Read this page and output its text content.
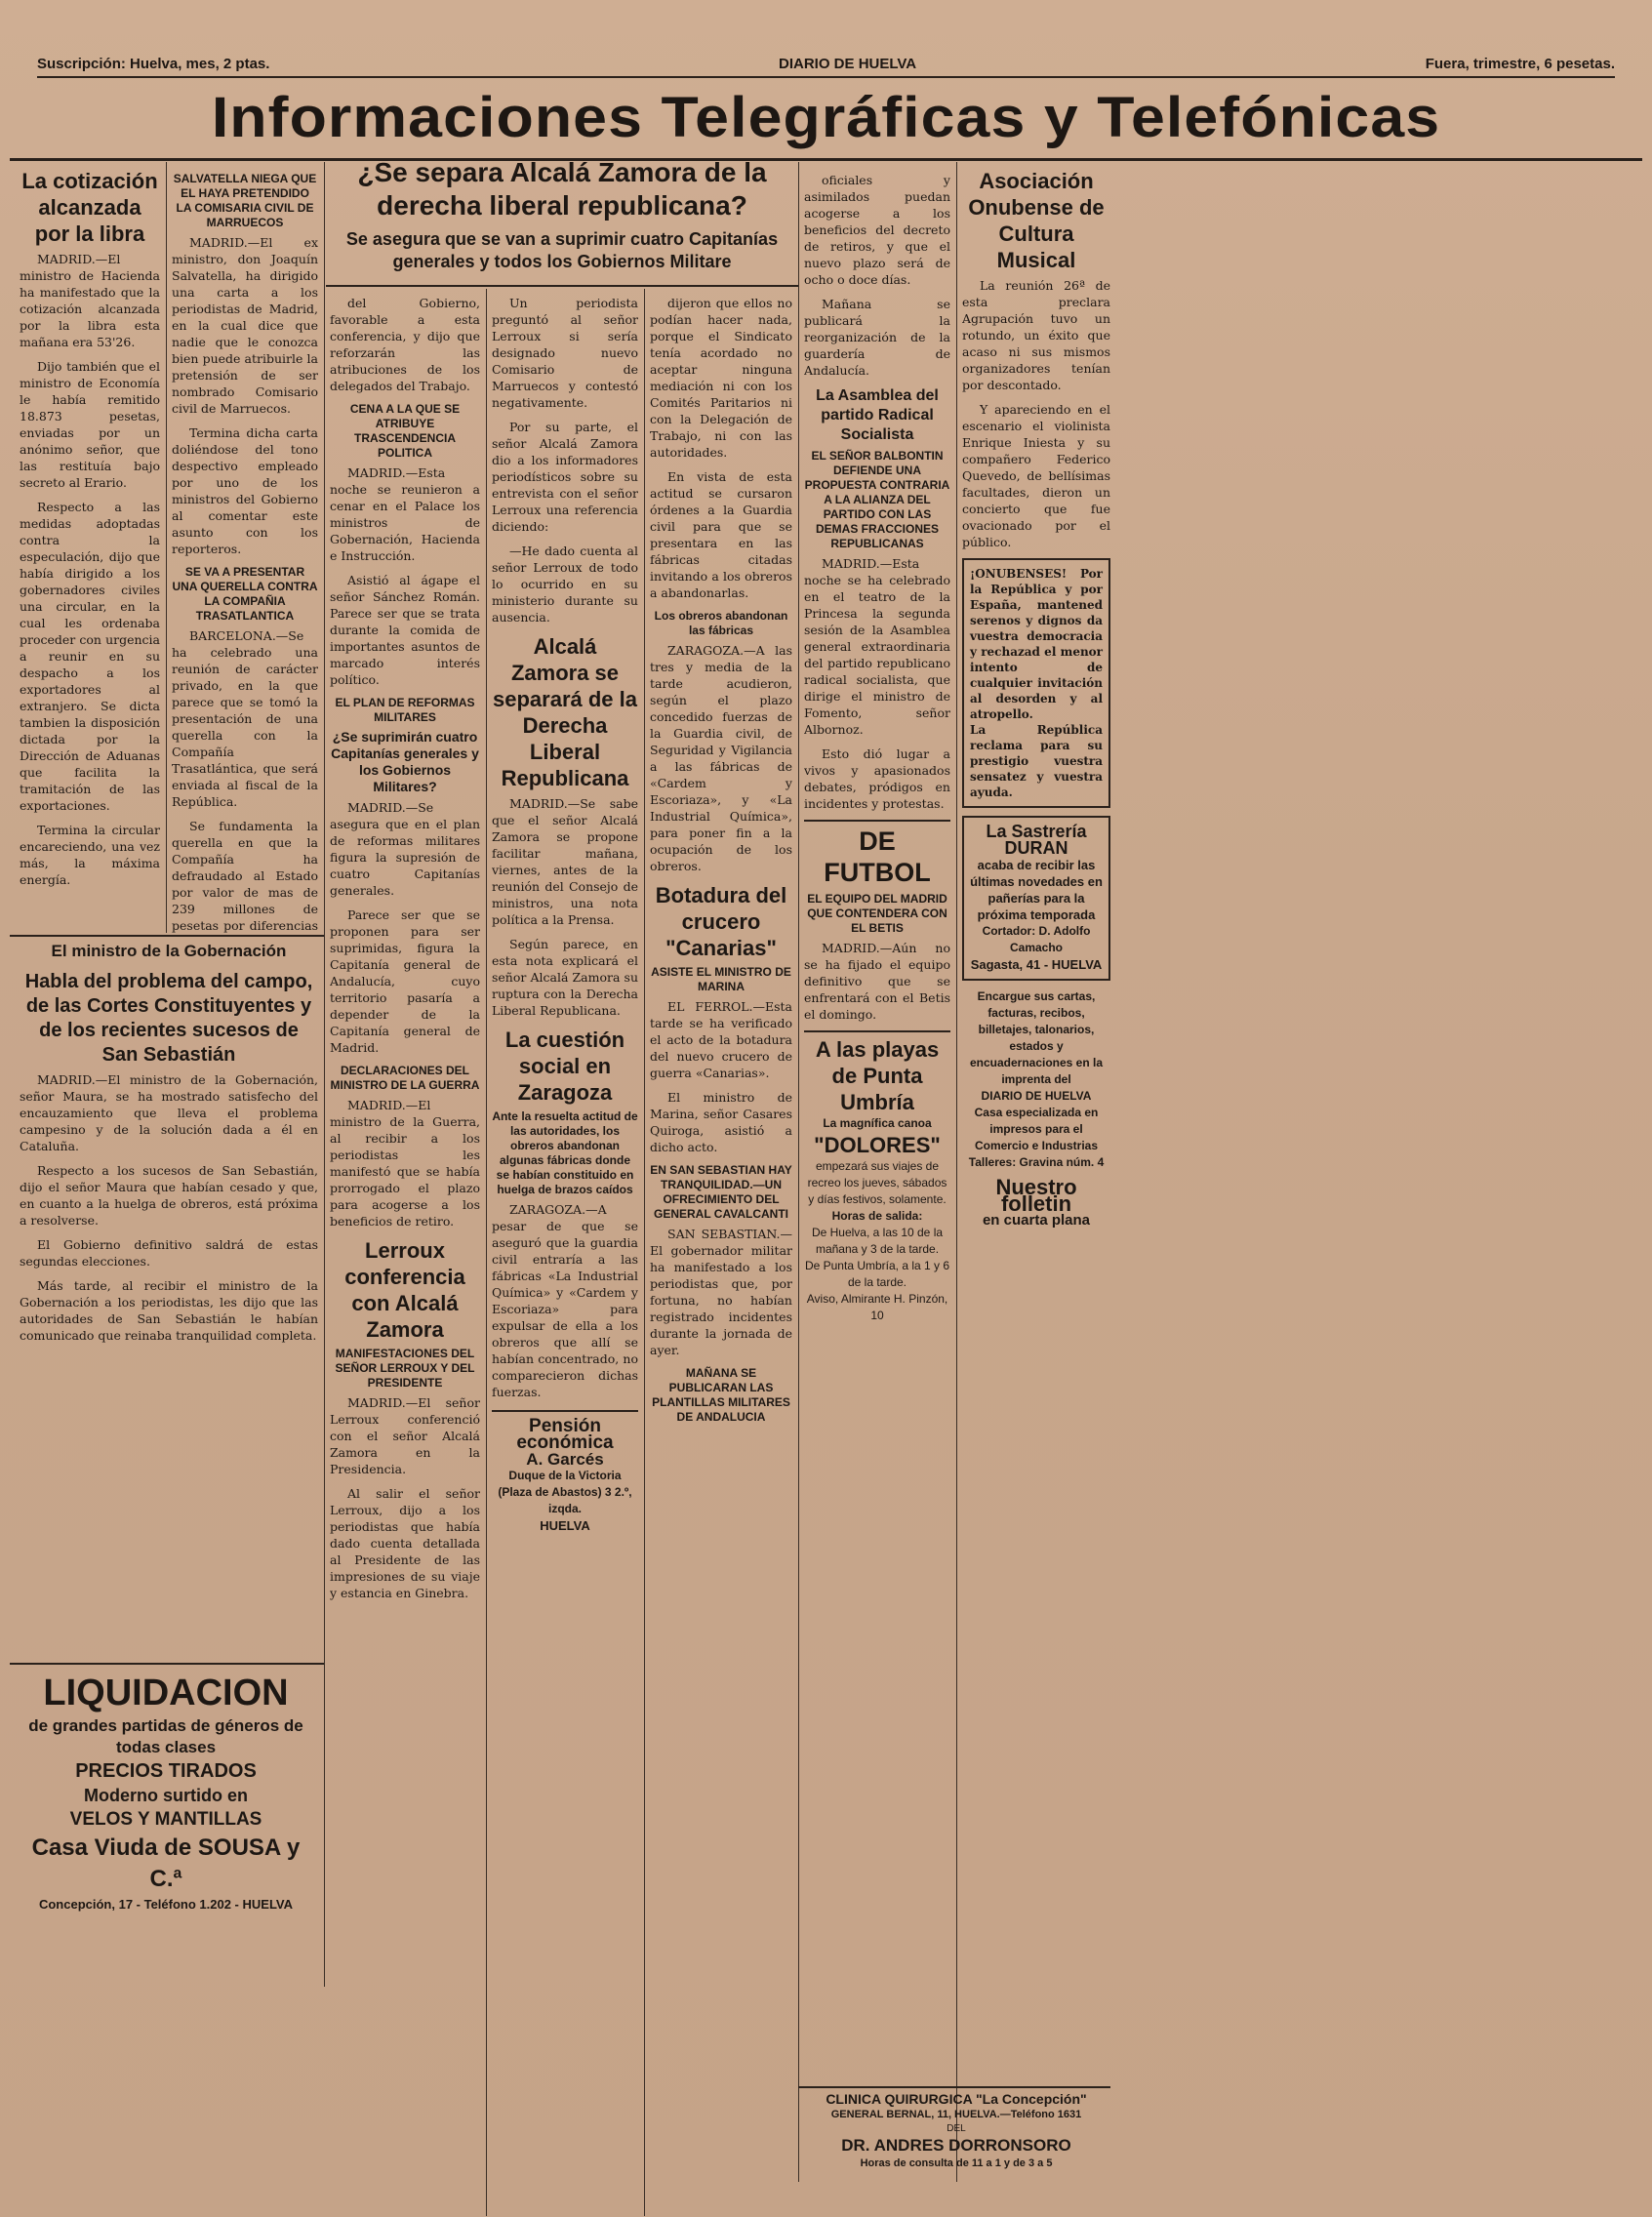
Suscripción: Huelva, mes, 2 ptas.	DIARIO DE HUELVA	Fuera, trimestre, 6 pesetas.
Informaciones Telegráficas y Telefónicas
La cotización alcanzada por la libra

MADRID.—El ministro de Hacienda ha manifestado que la cotización alcanzada por la libra esta mañana era 53'26.

Dijo también que el ministro de Economía le había remitido 18.873 pesetas, enviadas por un anónimo señor, que las restituía bajo secreto al Erario.

Respecto a las medidas adoptadas contra la especulación, dijo que había dirigido a los gobernadores civiles una circular, en la cual les ordenaba proceder con urgencia a reunir en su despacho a los exportadores al extranjero. Se dicta tambien la disposición dictada por la Dirección de Aduanas que facilita la tramitación de las exportaciones.

Termina la circular encareciendo, una vez más, la máxima energía.

SALVATELLA NIEGA QUE EL HAYA PRETENDIDO LA COMISARIA CIVIL DE MARRUECOS

MADRID.—El ex ministro, don Joaquín Salvatella, ha dirigido una carta a los periodistas de Madrid, en la cual dice que nadie que le conozca bien puede atribuirle la pretensión de ser nombrado Comisario civil de Marruecos.

Termina dicha carta doliéndose del tono despectivo empleado por uno de los ministros del Gobierno al comentar este asunto con los reporteros.

SE VA A PRESENTAR UNA QUERELLA CONTRA LA COMPAÑIA TRASATLANTICA

BARCELONA.—Se ha celebrado una reunión de carácter privado, en la que parece que se tomó la presentación de una querella con la Compañía Trasatlántica, que será enviada al fiscal de la República.

Se fundamenta la querella en que la Compañía ha defraudado al Estado por valor de mas de 239 millones de pesetas por diferencias

¿Se separa Alcalá Zamora de la derecha liberal republicana?
Se asegura que se van a suprimir cuatro Capitanías generales y todos los Gobiernos Militare

del Gobierno, favorable a esta conferencia, y dijo que reforzarán las atribuciones de los delegados del Trabajo.

CENA A LA QUE SE ATRIBUYE TRASCENDENCIA POLITICA

MADRID.—Esta noche se reunieron a cenar en el Palace los ministros de Gobernación, Hacienda e Instrucción.

Asistió al ágape el señor Sánchez Román. Parece ser que se trata durante la comida de importantes asuntos de marcado interés político.

EL PLAN DE REFORMAS MILITARES
¿Se suprimirán cuatro Capitanías generales y los Gobiernos Militares?

MADRID.—Se asegura que en el plan de reformas militares figura la supresión de cuatro Capitanías generales.

Parece ser que se proponen para ser suprimidas, figura la Capitanía general de Andalucía, cuyo territorio pasaría a depender de la Capitanía general de Madrid.

DECLARACIONES DEL MINISTRO DE LA GUERRA

MADRID.—El ministro de la Guerra, al recibir a los periodistas les manifestó que se había prorrogado el plazo para acogerse a los beneficios de retiro.

Lerroux conferencia con Alcalá Zamora
MANIFESTACIONES DEL SEÑOR LERROUX Y DEL PRESIDENTE

MADRID.—El señor Lerroux conferenció con el señor Alcalá Zamora en la Presidencia.

Al salir el señor Lerroux, dijo a los periodistas que había dado cuenta detallada al Presidente de las impresiones de su viaje y estancia en Ginebra.

Un periodista preguntó al señor Lerroux si sería designado nuevo Comisario de Marruecos y contestó negativamente.

Por su parte, el señor Alcalá Zamora dio a los informadores periodísticos sobre su entrevista con el señor Lerroux una referencia diciendo:

—He dado cuenta al señor Lerroux de todo lo ocurrido en su ministerio durante su ausencia.

Alcalá Zamora se separará de la Derecha Liberal Republicana

MADRID.—Se sabe que el señor Alcalá Zamora se propone facilitar mañana, viernes, antes de la reunión del Consejo de ministros, una nota política a la Prensa.

Según parece, en esta nota explicará el señor Alcalá Zamora su ruptura con la Derecha Liberal Republicana.

La cuestión social en Zaragoza
Ante la resuelta actitud de las autoridades, los obreros abandonan algunas fábricas donde se habían constituido en huelga de brazos caídos

ZARAGOZA.—A pesar de que se aseguró que la guardia civil entraría a las fábricas «La Industrial Química» y «Cardem y Escoriaza» para expulsar de ella a los obreros que allí se habían concentrado, no comparecieron dichas fuerzas.

Pensión económica
A. Garcés
Duque de la Victoria (Plaza de Abastos) 3 2.º, izqda.
HUELVA

dijeron que ellos no podían hacer nada, porque el Sindicato tenía acordado no aceptar ninguna mediación ni con los Comités Paritarios ni con la Delegación de Trabajo, ni con las autoridades.

En vista de esta actitud se cursaron órdenes a la Guardia civil para que se presentara en las fábricas citadas invitando a los obreros a abandonarlas.

Los obreros abandonan las fábricas

ZARAGOZA.—A las tres y media de la tarde acudieron, según el plazo concedido fuerzas de la Guardia civil, de Seguridad y Vigilancia a las fábricas de «Cardem y Escoriaza», y «La Industrial Química», para poner fin a la ocupación de los obreros.

Botadura del crucero "Canarias"
ASISTE EL MINISTRO DE MARINA

EL FERROL.—Esta tarde se ha verificado el acto de la botadura del nuevo crucero de guerra «Canarias».

El ministro de Marina, señor Casares Quiroga, asistió a dicho acto.

EN SAN SEBASTIAN HAY TRANQUILIDAD.—UN OFRECIMIENTO DEL GENERAL CAVALCANTI

SAN SEBASTIAN.—El gobernador militar ha manifestado a los periodistas que, por fortuna, no habían registrado incidentes durante la jornada de ayer.

MAÑANA SE PUBLICARAN LAS PLANTILLAS MILITARES DE ANDALUCIA

oficiales y asimilados puedan acogerse a los beneficios del decreto de retiros, y que el nuevo plazo será de ocho o doce días.

Mañana se publicará la reorganización de la guardería de Andalucía.

La Asamblea del partido Radical Socialista
EL SEÑOR BALBONTIN DEFIENDE UNA PROPUESTA CONTRARIA A LA ALIANZA DEL PARTIDO CON LAS DEMAS FRACCIONES REPUBLICANAS

MADRID.—Esta noche se ha celebrado en el teatro de la Princesa la segunda sesión de la Asamblea general extraordinaria del partido republicano radical socialista, que dirige el ministro de Fomento, señor Albornoz.

Esto dió lugar a vivos y apasionados debates, pródigos en incidentes y protestas.

DE FUTBOL
EL EQUIPO DEL MADRID QUE CONTENDERA CON EL BETIS

MADRID.—Aún no se ha fijado el equipo definitivo que se enfrentará con el Betis el domingo.

A las playas de Punta Umbría
La magnífica canoa
"DOLORES"
empezará sus viajes de recreo los jueves, sábados y días festivos, solamente.
Horas de salida:
De Huelva, a las 10 de la mañana y 3 de la tarde.
De Punta Umbría, a la 1 y 6 de la tarde.
Aviso, Almirante H. Pinzón, 10
Asociación Onubense de Cultura Musical

La reunión 26ª de esta preclara Agrupación tuvo un rotundo, un éxito que acaso ni sus mismos organizadores tenían por descontado.

Y apareciendo en el escenario el violinista Enrique Iniesta y su compañero Federico Quevedo, de bellísimas facultades, dieron un concierto que fue ovacionado por el público.

¡ONUBENSES! Por la República y por España, mantened serenos y dignos da vuestra democracia y rechazad el menor intento de cualquier invitación al desorden y al atropello.
La República reclama para su prestigio vuestra sensatez y vuestra ayuda.
La Sastrería DURAN
acaba de recibir las últimas novedades en pañerías para la próxima temporada
Cortador: D. Adolfo Camacho
Sagasta, 41 - HUELVA
Encargue sus cartas, facturas, recibos, billetajes, talonarios, estados y encuadernaciones en la imprenta del
DIARIO DE HUELVA
Casa especializada en impresos para el Comercio e Industrias
Talleres: Gravina núm. 4
Nuestro folletin
en cuarta plana
El ministro de la Gobernación
Habla del problema del campo, de las Cortes Constituyentes y de los recientes sucesos de San Sebastián

MADRID.—El ministro de la Gobernación, señor Maura, se ha mostrado satisfecho del encauzamiento que lleva el problema campesino y de la solución dada a él en Cataluña.

Respecto a los sucesos de San Sebastián, dijo el señor Maura que habían cesado y que, en cuanto a la huelga de obreros, está próxima a resolverse.

El Gobierno definitivo saldrá de estas segundas elecciones.

Más tarde, al recibir el ministro de la Gobernación a los periodistas, les dijo que las autoridades de San Sebastián le habían comunicado que reinaba tranquilidad completa.

LIQUIDACION
de grandes partidas de géneros de todas clases
PRECIOS TIRADOS
Moderno surtido en
VELOS Y MANTILLAS
Casa Viuda de SOUSA y C.ª
Concepción, 17 - Teléfono 1.202 - HUELVA
CLINICA QUIRURGICA "La Concepción"
GENERAL BERNAL, 11, HUELVA.—Teléfono 1631
DEL
DR. ANDRES DORRONSORO
Horas de consulta de 11 a 1 y de 3 a 5
